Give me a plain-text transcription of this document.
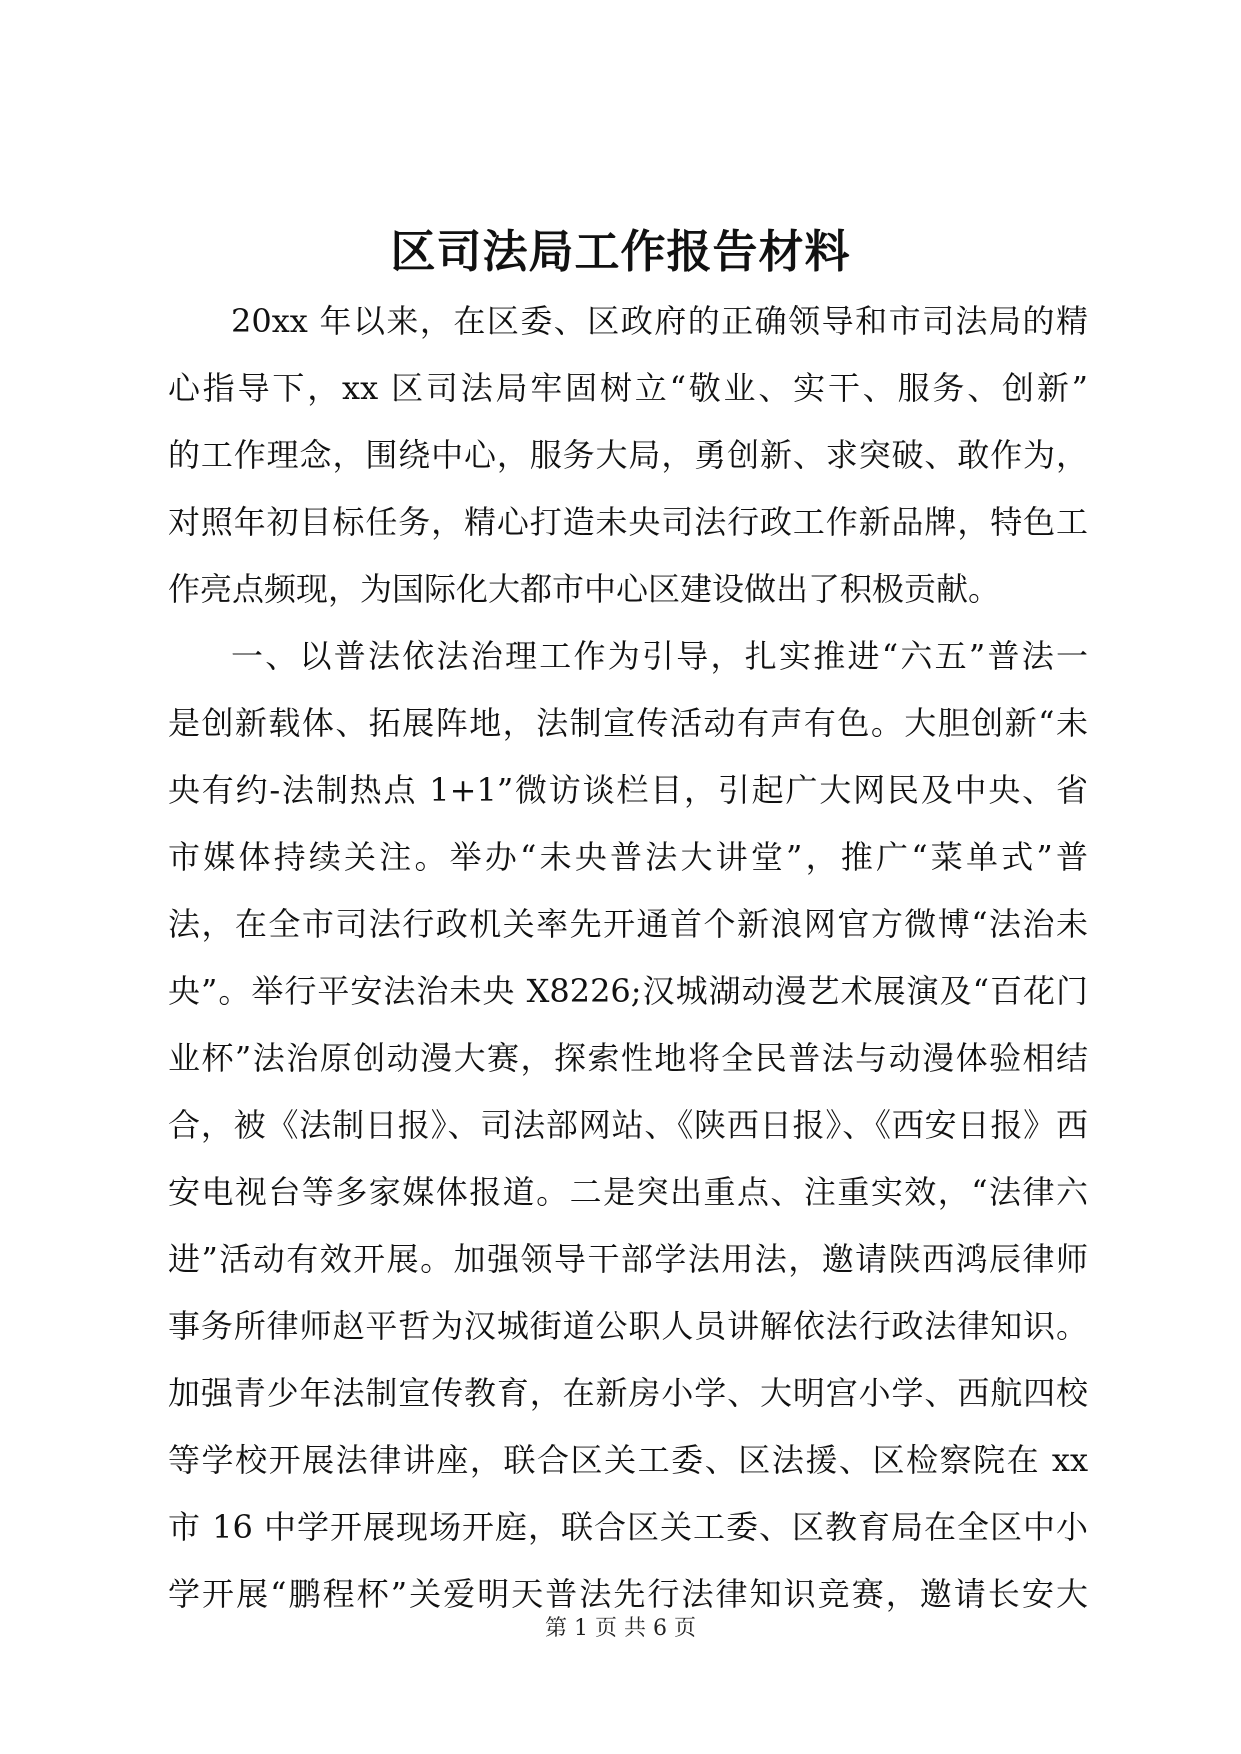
区司法局工作报告材料
20xx 年以来，在区委、区政府的正确领导和市司法局的精
心指导下，xx 区司法局牢固树立“敬业、实干、服务、创新”
的工作理念，围绕中心，服务大局，勇创新、求突破、敢作为，
对照年初目标任务，精心打造未央司法行政工作新品牌，特色工
作亮点频现，为国际化大都市中心区建设做出了积极贡献。
一、以普法依法治理工作为引导，扎实推进“六五”普法一
是创新载体、拓展阵地，法制宣传活动有声有色。大胆创新“未
央有约-法制热点 1+1”微访谈栏目，引起广大网民及中央、省
市媒体持续关注。举办“未央普法大讲堂”，推广“菜单式”普
法，在全市司法行政机关率先开通首个新浪网官方微博“法治未
央”。举行平安法治未央 X8226;汉城湖动漫艺术展演及“百花门
业杯”法治原创动漫大赛，探索性地将全民普法与动漫体验相结
合，被《法制日报》、司法部网站、《陕西日报》、《西安日报》西
安电视台等多家媒体报道。二是突出重点、注重实效，“法律六
进”活动有效开展。加强领导干部学法用法，邀请陕西鸿辰律师
事务所律师赵平哲为汉城街道公职人员讲解依法行政法律知识。
加强青少年法制宣传教育，在新房小学、大明宫小学、西航四校
等学校开展法律讲座，联合区关工委、区法援、区检察院在 xx
市 16 中学开展现场开庭，联合区关工委、区教育局在全区中小
学开展“鹏程杯”关爱明天普法先行法律知识竞赛，邀请长安大
第 1 页 共 6 页
